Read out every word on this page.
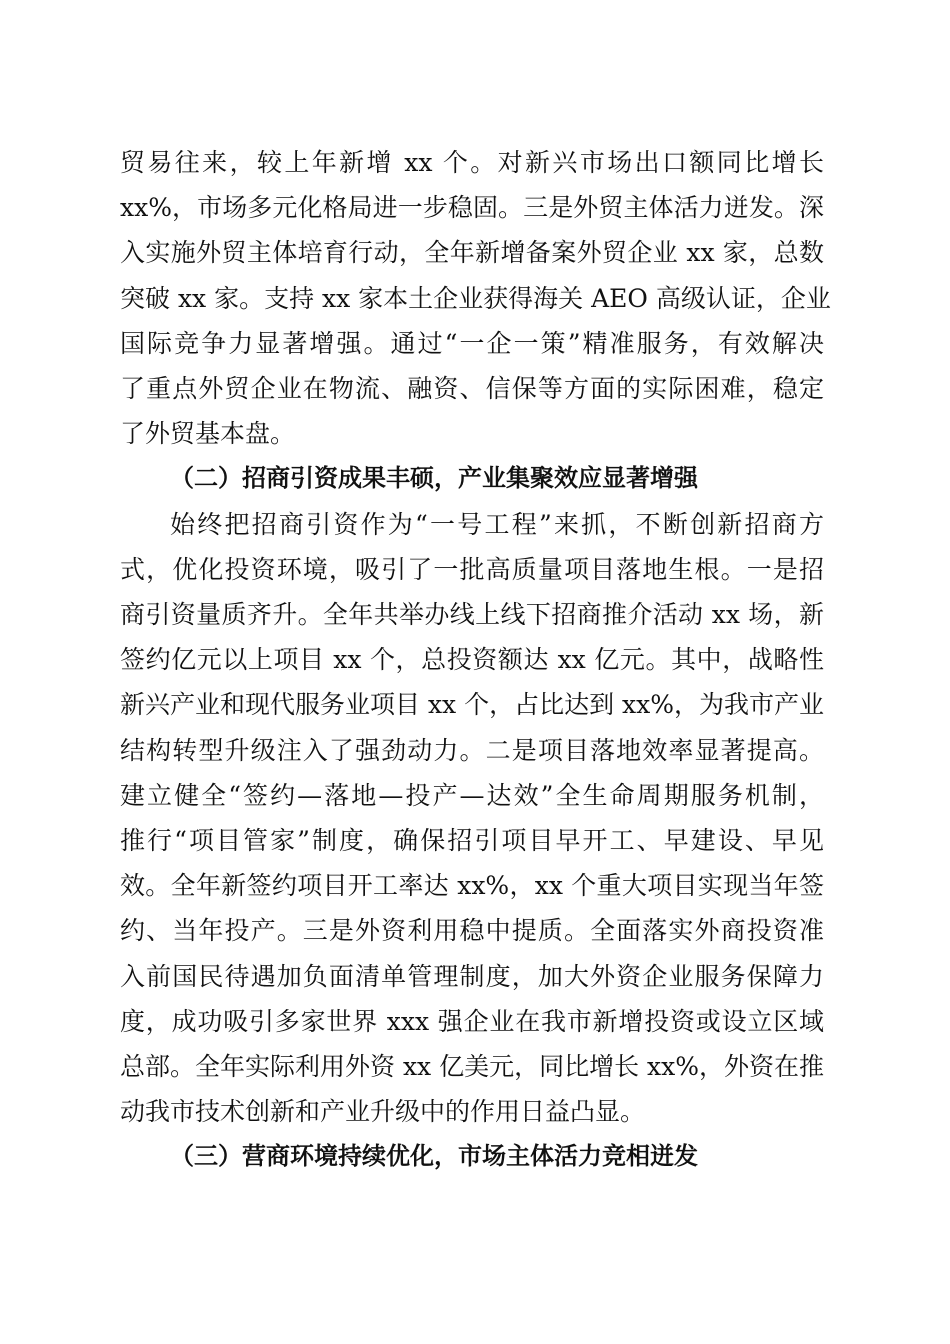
贸易往来，较上年新增 xx 个。对新兴市场出口额同比增长
xx%，市场多元化格局进一步稳固。三是外贸主体活力迸发。深
入实施外贸主体培育行动，全年新增备案外贸企业 xx 家，总数
突破 xx 家。支持 xx 家本土企业获得海关 AEO 高级认证，企业
国际竞争力显著增强。通过“一企一策”精准服务，有效解决
了重点外贸企业在物流、融资、信保等方面的实际困难，稳定
了外贸基本盘。

（二）招商引资成果丰硕，产业集聚效应显著增强

始终把招商引资作为“一号工程”来抓，不断创新招商方
式，优化投资环境，吸引了一批高质量项目落地生根。一是招
商引资量质齐升。全年共举办线上线下招商推介活动 xx 场，新
签约亿元以上项目 xx 个，总投资额达 xx 亿元。其中，战略性
新兴产业和现代服务业项目 xx 个，占比达到 xx%，为我市产业
结构转型升级注入了强劲动力。二是项目落地效率显著提高。
建立健全“签约—落地—投产—达效”全生命周期服务机制，
推行“项目管家”制度，确保招引项目早开工、早建设、早见
效。全年新签约项目开工率达 xx%，xx 个重大项目实现当年签
约、当年投产。三是外资利用稳中提质。全面落实外商投资准
入前国民待遇加负面清单管理制度，加大外资企业服务保障力
度，成功吸引多家世界 xxx 强企业在我市新增投资或设立区域
总部。全年实际利用外资 xx 亿美元，同比增长 xx%，外资在推
动我市技术创新和产业升级中的作用日益凸显。

（三）营商环境持续优化，市场主体活力竞相迸发
